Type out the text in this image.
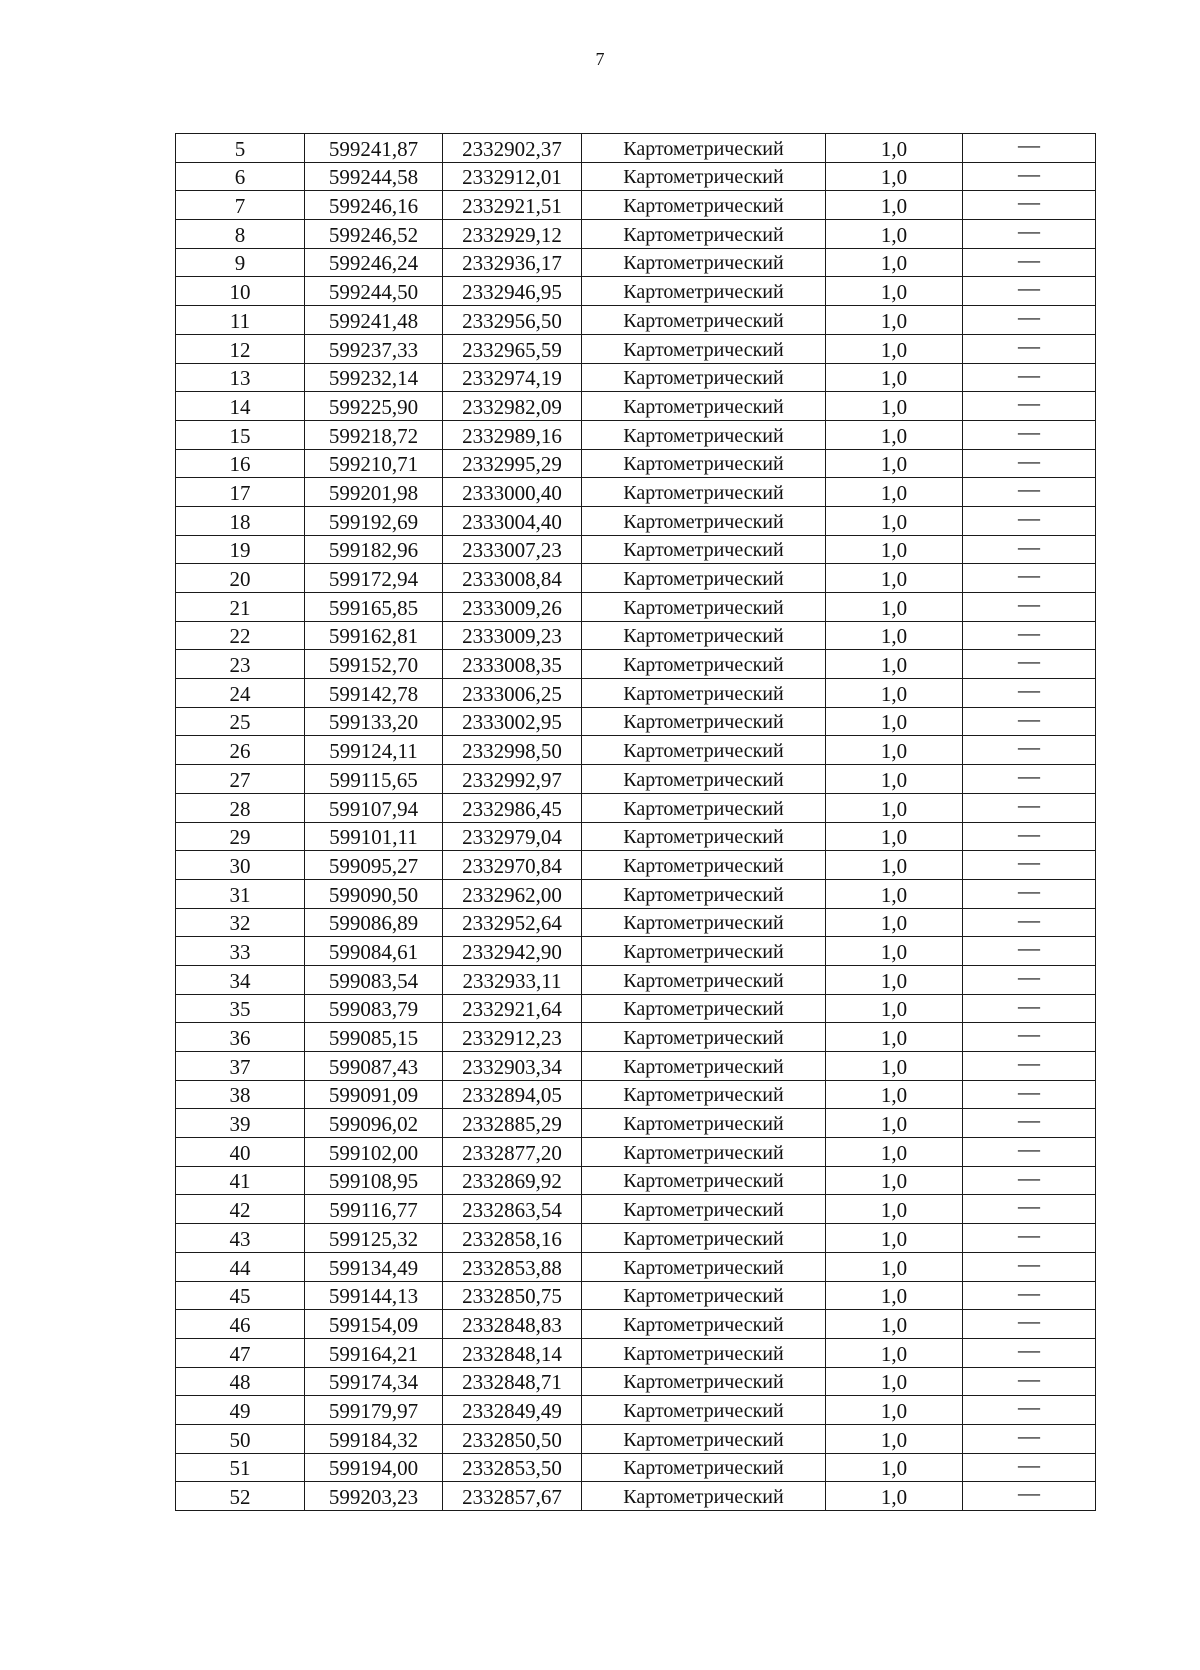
7
5	599241,87	2332902,37	Картометрический	1,0	—
6	599244,58	2332912,01	Картометрический	1,0	—
7	599246,16	2332921,51	Картометрический	1,0	—
8	599246,52	2332929,12	Картометрический	1,0	—
9	599246,24	2332936,17	Картометрический	1,0	—
10	599244,50	2332946,95	Картометрический	1,0	—
11	599241,48	2332956,50	Картометрический	1,0	—
12	599237,33	2332965,59	Картометрический	1,0	—
13	599232,14	2332974,19	Картометрический	1,0	—
14	599225,90	2332982,09	Картометрический	1,0	—
15	599218,72	2332989,16	Картометрический	1,0	—
16	599210,71	2332995,29	Картометрический	1,0	—
17	599201,98	2333000,40	Картометрический	1,0	—
18	599192,69	2333004,40	Картометрический	1,0	—
19	599182,96	2333007,23	Картометрический	1,0	—
20	599172,94	2333008,84	Картометрический	1,0	—
21	599165,85	2333009,26	Картометрический	1,0	—
22	599162,81	2333009,23	Картометрический	1,0	—
23	599152,70	2333008,35	Картометрический	1,0	—
24	599142,78	2333006,25	Картометрический	1,0	—
25	599133,20	2333002,95	Картометрический	1,0	—
26	599124,11	2332998,50	Картометрический	1,0	—
27	599115,65	2332992,97	Картометрический	1,0	—
28	599107,94	2332986,45	Картометрический	1,0	—
29	599101,11	2332979,04	Картометрический	1,0	—
30	599095,27	2332970,84	Картометрический	1,0	—
31	599090,50	2332962,00	Картометрический	1,0	—
32	599086,89	2332952,64	Картометрический	1,0	—
33	599084,61	2332942,90	Картометрический	1,0	—
34	599083,54	2332933,11	Картометрический	1,0	—
35	599083,79	2332921,64	Картометрический	1,0	—
36	599085,15	2332912,23	Картометрический	1,0	—
37	599087,43	2332903,34	Картометрический	1,0	—
38	599091,09	2332894,05	Картометрический	1,0	—
39	599096,02	2332885,29	Картометрический	1,0	—
40	599102,00	2332877,20	Картометрический	1,0	—
41	599108,95	2332869,92	Картометрический	1,0	—
42	599116,77	2332863,54	Картометрический	1,0	—
43	599125,32	2332858,16	Картометрический	1,0	—
44	599134,49	2332853,88	Картометрический	1,0	—
45	599144,13	2332850,75	Картометрический	1,0	—
46	599154,09	2332848,83	Картометрический	1,0	—
47	599164,21	2332848,14	Картометрический	1,0	—
48	599174,34	2332848,71	Картометрический	1,0	—
49	599179,97	2332849,49	Картометрический	1,0	—
50	599184,32	2332850,50	Картометрический	1,0	—
51	599194,00	2332853,50	Картометрический	1,0	—
52	599203,23	2332857,67	Картометрический	1,0	—
